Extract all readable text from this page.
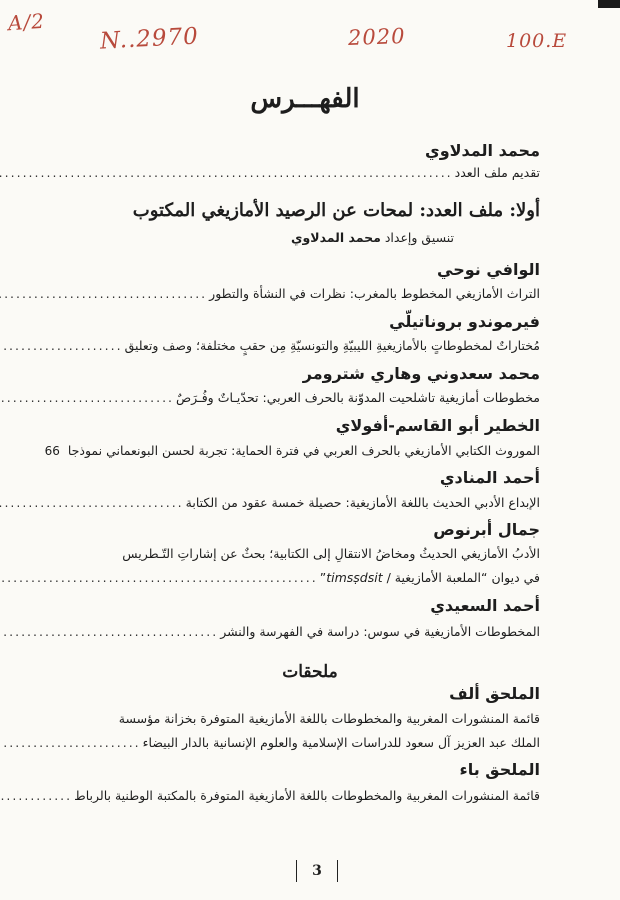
A/2
N..2970	2020	100.E
الفهـــرس
محمد المدلاوي
تقديم ملف العدد
.....
أولا: ملف العدد: لمحات عن الرصيد الأمازيغي المكتوب
تنسيق وإعداد محمد المدلاوي
الوافي نوحي
التراث الأمازيغي المخطوط بالمغرب: نظرات في النشأة والتطور
.....
فيرموندو بروناتيلّي
مُختاراتٌ لمخطوطاتٍ بالأمازيغيةِ الليبيّةِ والتونسيّةِ مِن حقبٍ مختلفة؛ وصف وتعليق
.....
محمد سعدوني وهاري شترومر
مخطوطات أمازيغية تاشلحيت المدوّنة بالحرف العربي: تحدّيـاتٌ وفُـرَصٌ
.....
الخطير أبو القاسم-أفولاي
الموروث الكتابي الأمازيغي بالحرف العربي في فترة الحماية: تجربة لحسن البونعماني نموذجا
66
أحمد المنادي
الإبداع الأدبي الحديث باللغة الأمازيغية: حصيلة خمسة عقود من الكتابة
.....
جمال أبرنوص
الأدبُ الأمازيغي الحديثُ ومخاضُ الانتقالِ إلى الكتابية؛ بحثٌ عن إشاراتِ التّـطريس
في ديوان “الملعبة الأمازيغية / timsṣdsit”
.....
أحمد السعيدي
المخطوطات الأمازيغية في سوس: دراسة في الفهرسة والنشر
.....
ملحقات
الملحق ألف
قائمة المنشورات المغربية والمخطوطات باللغة الأمازيغية المتوفرة بخزانة مؤسسة
الملك عبد العزيز آل سعود للدراسات الإسلامية والعلوم الإنسانية بالدار البيضاء
.....
الملحق باء
قائمة المنشورات المغربية والمخطوطات باللغة الأمازيغية المتوفرة بالمكتبة الوطنية بالرباط
.....
3
